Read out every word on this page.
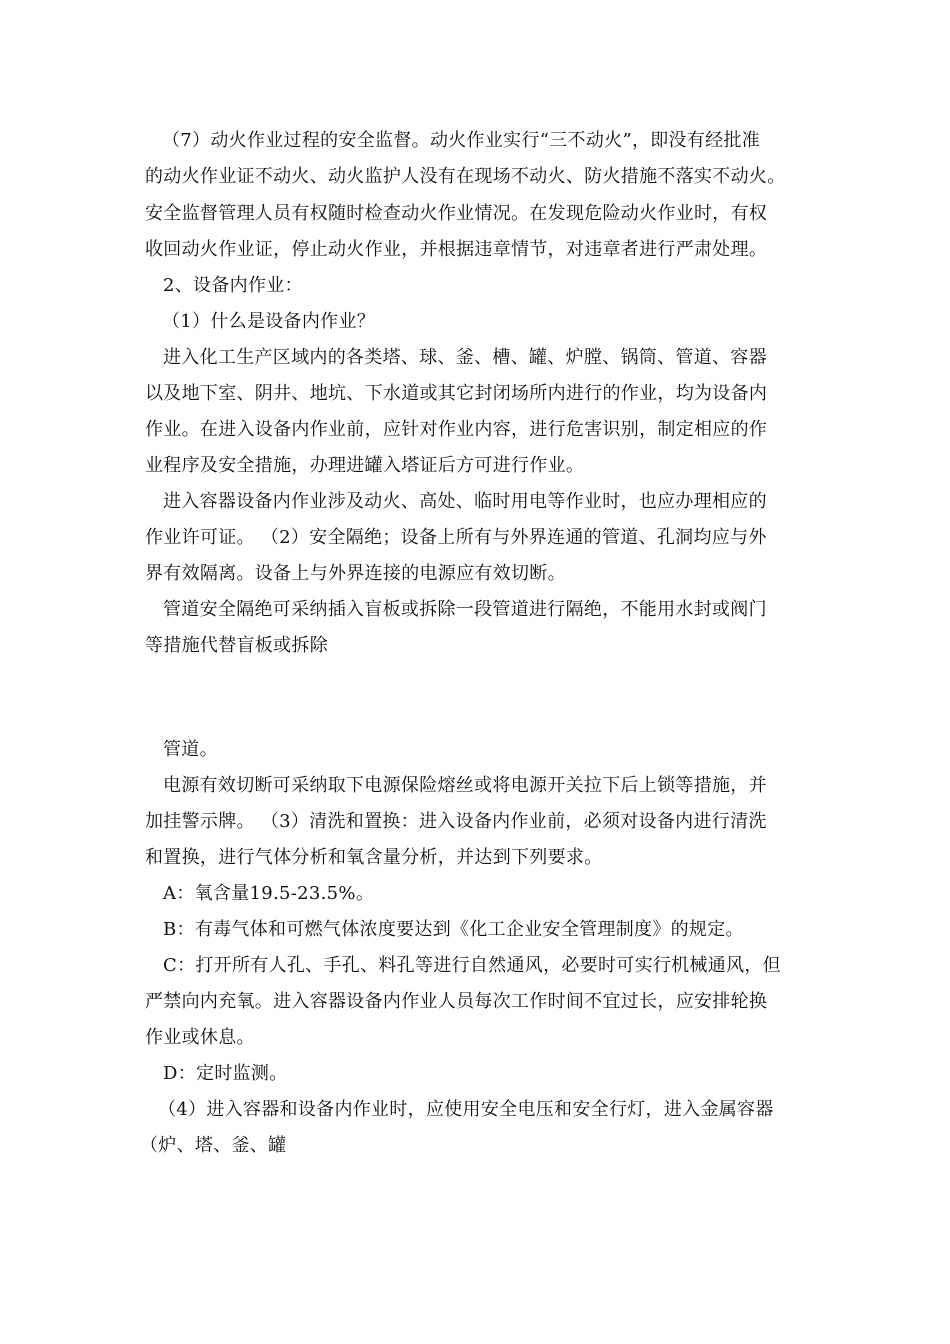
（7）动火作业过程的安全监督。动火作业实行“三不动火”，即没有经批准
的动火作业证不动火、动火监护人没有在现场不动火、防火措施不落实不动火。
安全监督管理人员有权随时检查动火作业情况。在发现危险动火作业时，有权
收回动火作业证，停止动火作业，并根据违章情节，对违章者进行严肃处理。
2、设备内作业：
（1）什么是设备内作业？
进入化工生产区域内的各类塔、球、釜、槽、罐、炉膛、锅筒、管道、容器
以及地下室、阴井、地坑、下水道或其它封闭场所内进行的作业，均为设备内
作业。在进入设备内作业前，应针对作业内容，进行危害识别，制定相应的作
业程序及安全措施，办理进罐入塔证后方可进行作业。
进入容器设备内作业涉及动火、高处、临时用电等作业时，也应办理相应的
作业许可证。 （2）安全隔绝；设备上所有与外界连通的管道、孔洞均应与外
界有效隔离。设备上与外界连接的电源应有效切断。
管道安全隔绝可采纳插入盲板或拆除一段管道进行隔绝，不能用水封或阀门
等措施代替盲板或拆除
管道。
电源有效切断可采纳取下电源保险熔丝或将电源开关拉下后上锁等措施，并
加挂警示牌。 （3）清洗和置换：进入设备内作业前，必须对设备内进行清洗
和置换，进行气体分析和氧含量分析，并达到下列要求。
A：氧含量19.5-23.5%。
B：有毒气体和可燃气体浓度要达到《化工企业安全管理制度》的规定。
C：打开所有人孔、手孔、料孔等进行自然通风，必要时可实行机械通风，但
严禁向内充氧。进入容器设备内作业人员每次工作时间不宜过长，应安排轮换
作业或休息。
D：定时监测。
（4）进入容器和设备内作业时，应使用安全电压和安全行灯，进入金属容器
（炉、塔、釜、罐
